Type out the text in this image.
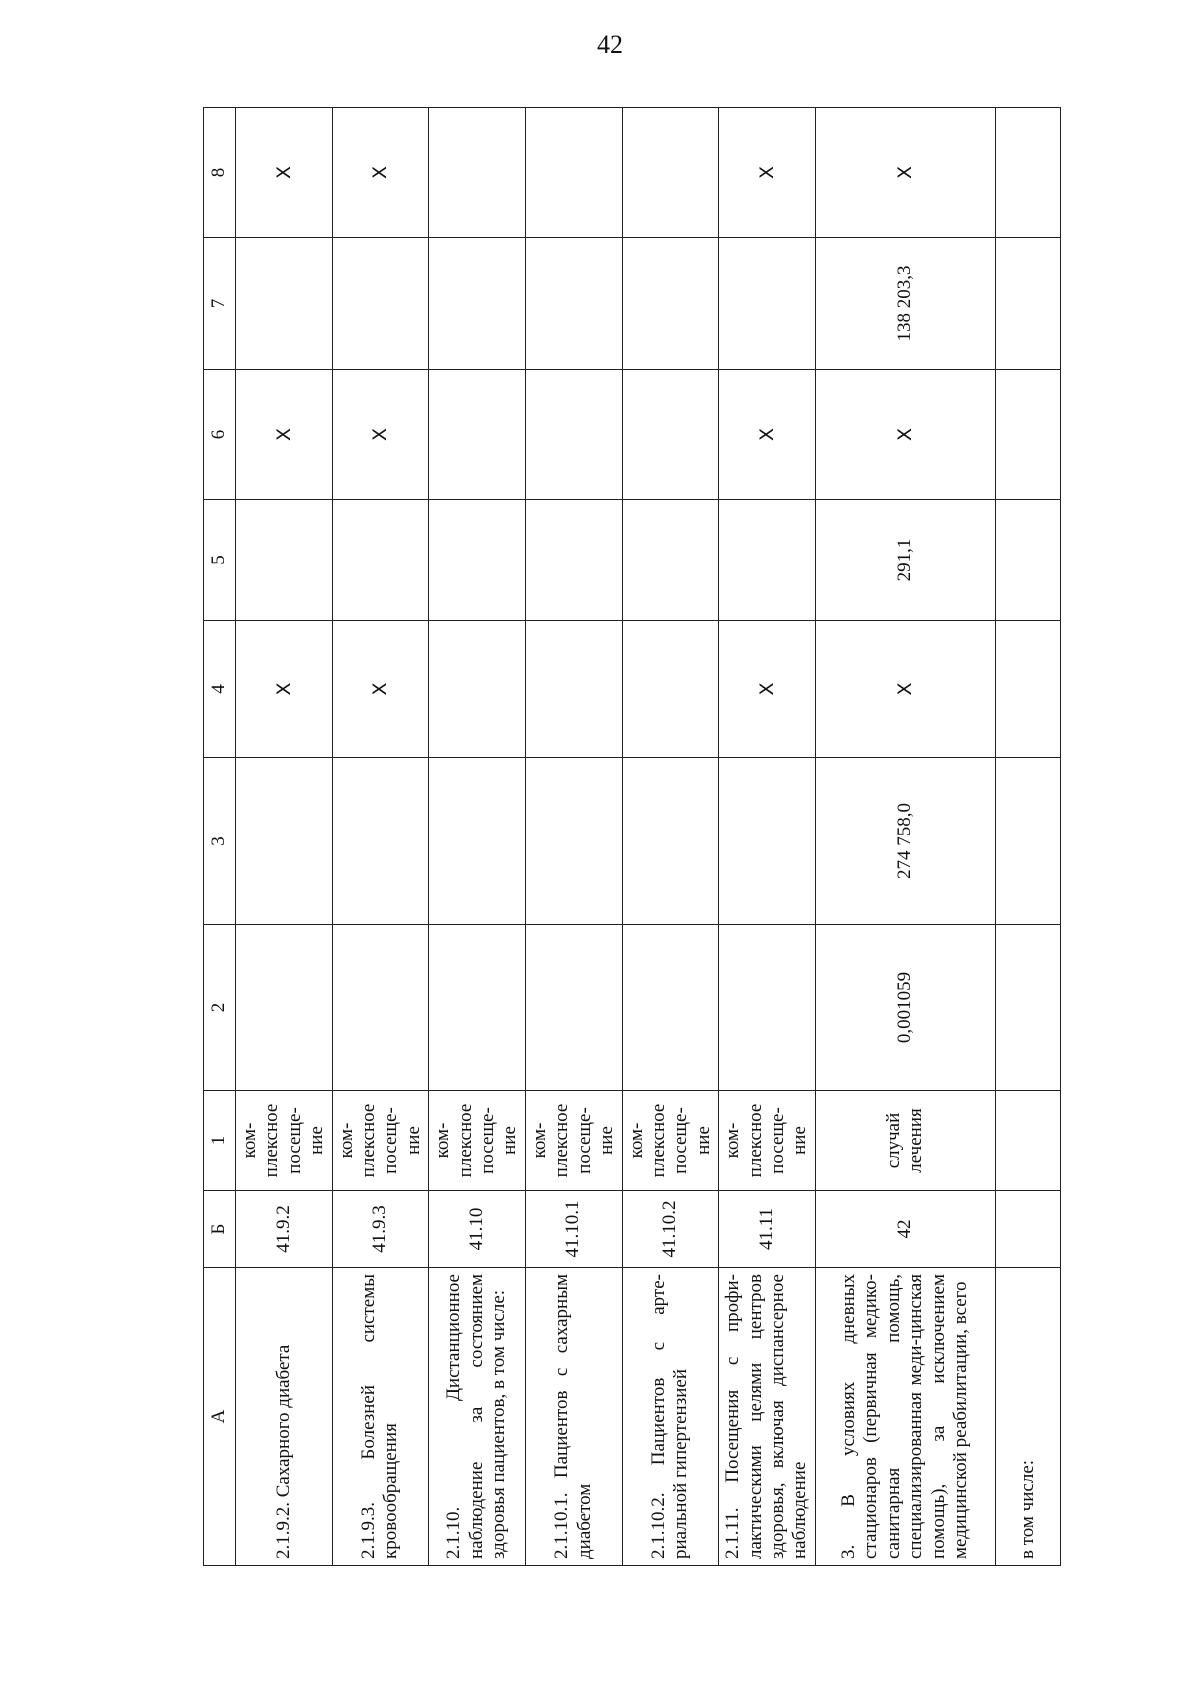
42
А	Б	1	2	3	4	5	6	7	8
2.1.9.2. Сахарного диабета	41.9.2	ком-плексное посеще-ние			X		X		X
2.1.9.3. Болезней системы кровообращения	41.9.3	ком-плексное посеще-ние			X		X		X
2.1.10. Дистанционное наблюдение за состоянием здоровья пациентов, в том числе:	41.10	ком-плексное посеще-ние							
2.1.10.1. Пациентов с сахарным диабетом	41.10.1	ком-плексное посеще-ние							
2.1.10.2. Пациентов с арте-риальной гипертензией	41.10.2	ком-плексное посеще-ние							
2.1.11. Посещения с профи-лактическими целями центров здоровья, включая диспансерное наблюдение	41.11	ком-плексное посеще-ние			X		X		X
3. В условиях дневных стационаров (первичная медико-санитарная помощь, специализированная меди-цинская помощь), за исключением медицинской реабилитации, всего	42	случай лечения	0,001059	274 758,0	X	291,1	X	138 203,3	X
в том числе:									
